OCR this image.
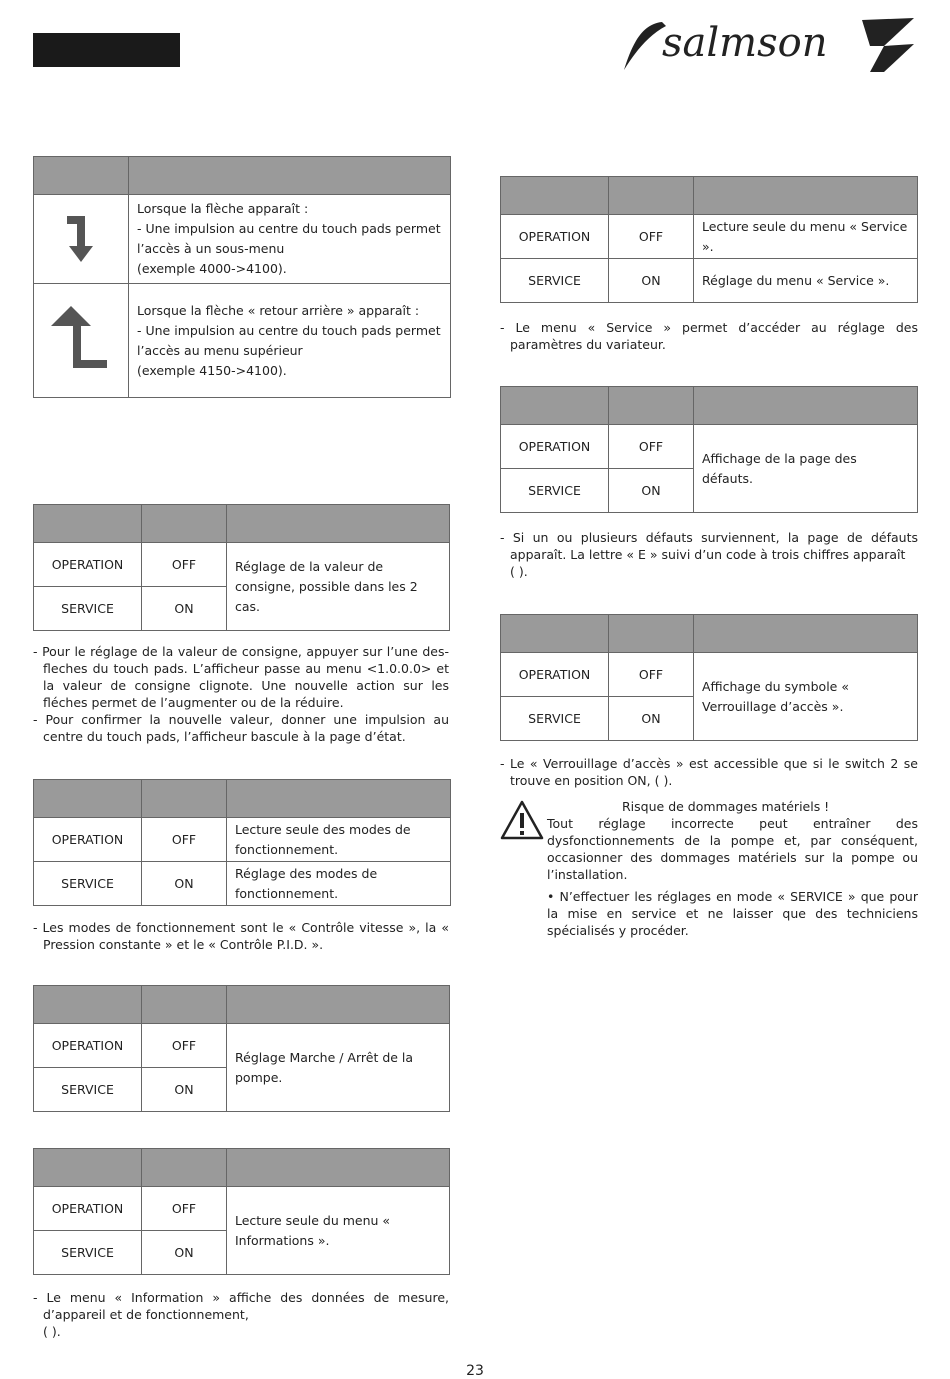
salmson

	Lorsque la flèche apparaît :
- Une impulsion au centre du touch pads permet l’accès à un sous-menu
(exemple 4000->4100).
	Lorsque la flèche « retour arrière » apparaît :
- Une impulsion au centre du touch pads permet l’accès au menu supérieur
(exemple 4150->4100).

OPERATION	OFF	Réglage de la valeur de consigne, possible dans les 2 cas.
SERVICE	ON	

- Pour le réglage de la valeur de consigne, appuyer sur l’une des-fleches du touch pads. L’afficheur passe au menu <1.0.0.0> et la valeur de consigne clignote. Une nouvelle action sur les fléches permet de l’augmenter ou de la réduire.

- Pour confirmer la nouvelle valeur, donner une impulsion au centre du touch pads, l’afficheur bascule à la page d’état.

OPERATION	OFF	Lecture seule des modes de fonctionnement.
SERVICE	ON	Réglage des modes de fonctionnement.

- Les modes de fonctionnement sont le « Contrôle vitesse », la « Pression constante » et le « Contrôle P.I.D. ».

OPERATION	OFF	Réglage Marche / Arrêt de la pompe.
SERVICE	ON	

OPERATION	OFF	Lecture seule du menu « Informations ».
SERVICE	ON	

- Le menu « Information » affiche des données de mesure, d’appareil et de fonctionnement,
( ).

OPERATION	OFF	Lecture seule du menu « Service ».
SERVICE	ON	Réglage du menu « Service ».

- Le menu « Service » permet d’accéder au réglage des paramètres du variateur.

OPERATION	OFF	Affichage de la page des défauts.
SERVICE	ON	

- Si un ou plusieurs défauts surviennent, la page de défauts apparaît. La lettre « E » suivi d’un code à trois chiffres apparaît
( ).

OPERATION	OFF	Affichage du symbole « Verrouillage d’accès ».
SERVICE	ON	

- Le « Verrouillage d’accès » est accessible que si le switch 2 se trouve en position ON, ( ).

Risque de dommages matériels !
Tout réglage incorrecte peut entraîner des dysfonctionnements de la pompe et, par conséquent, occasionner des dommages matériels sur la pompe ou l’installation.
• N’effectuer les réglages en mode « SERVICE » que pour la mise en service et ne laisser que des techniciens spécialisés y procéder.
23
